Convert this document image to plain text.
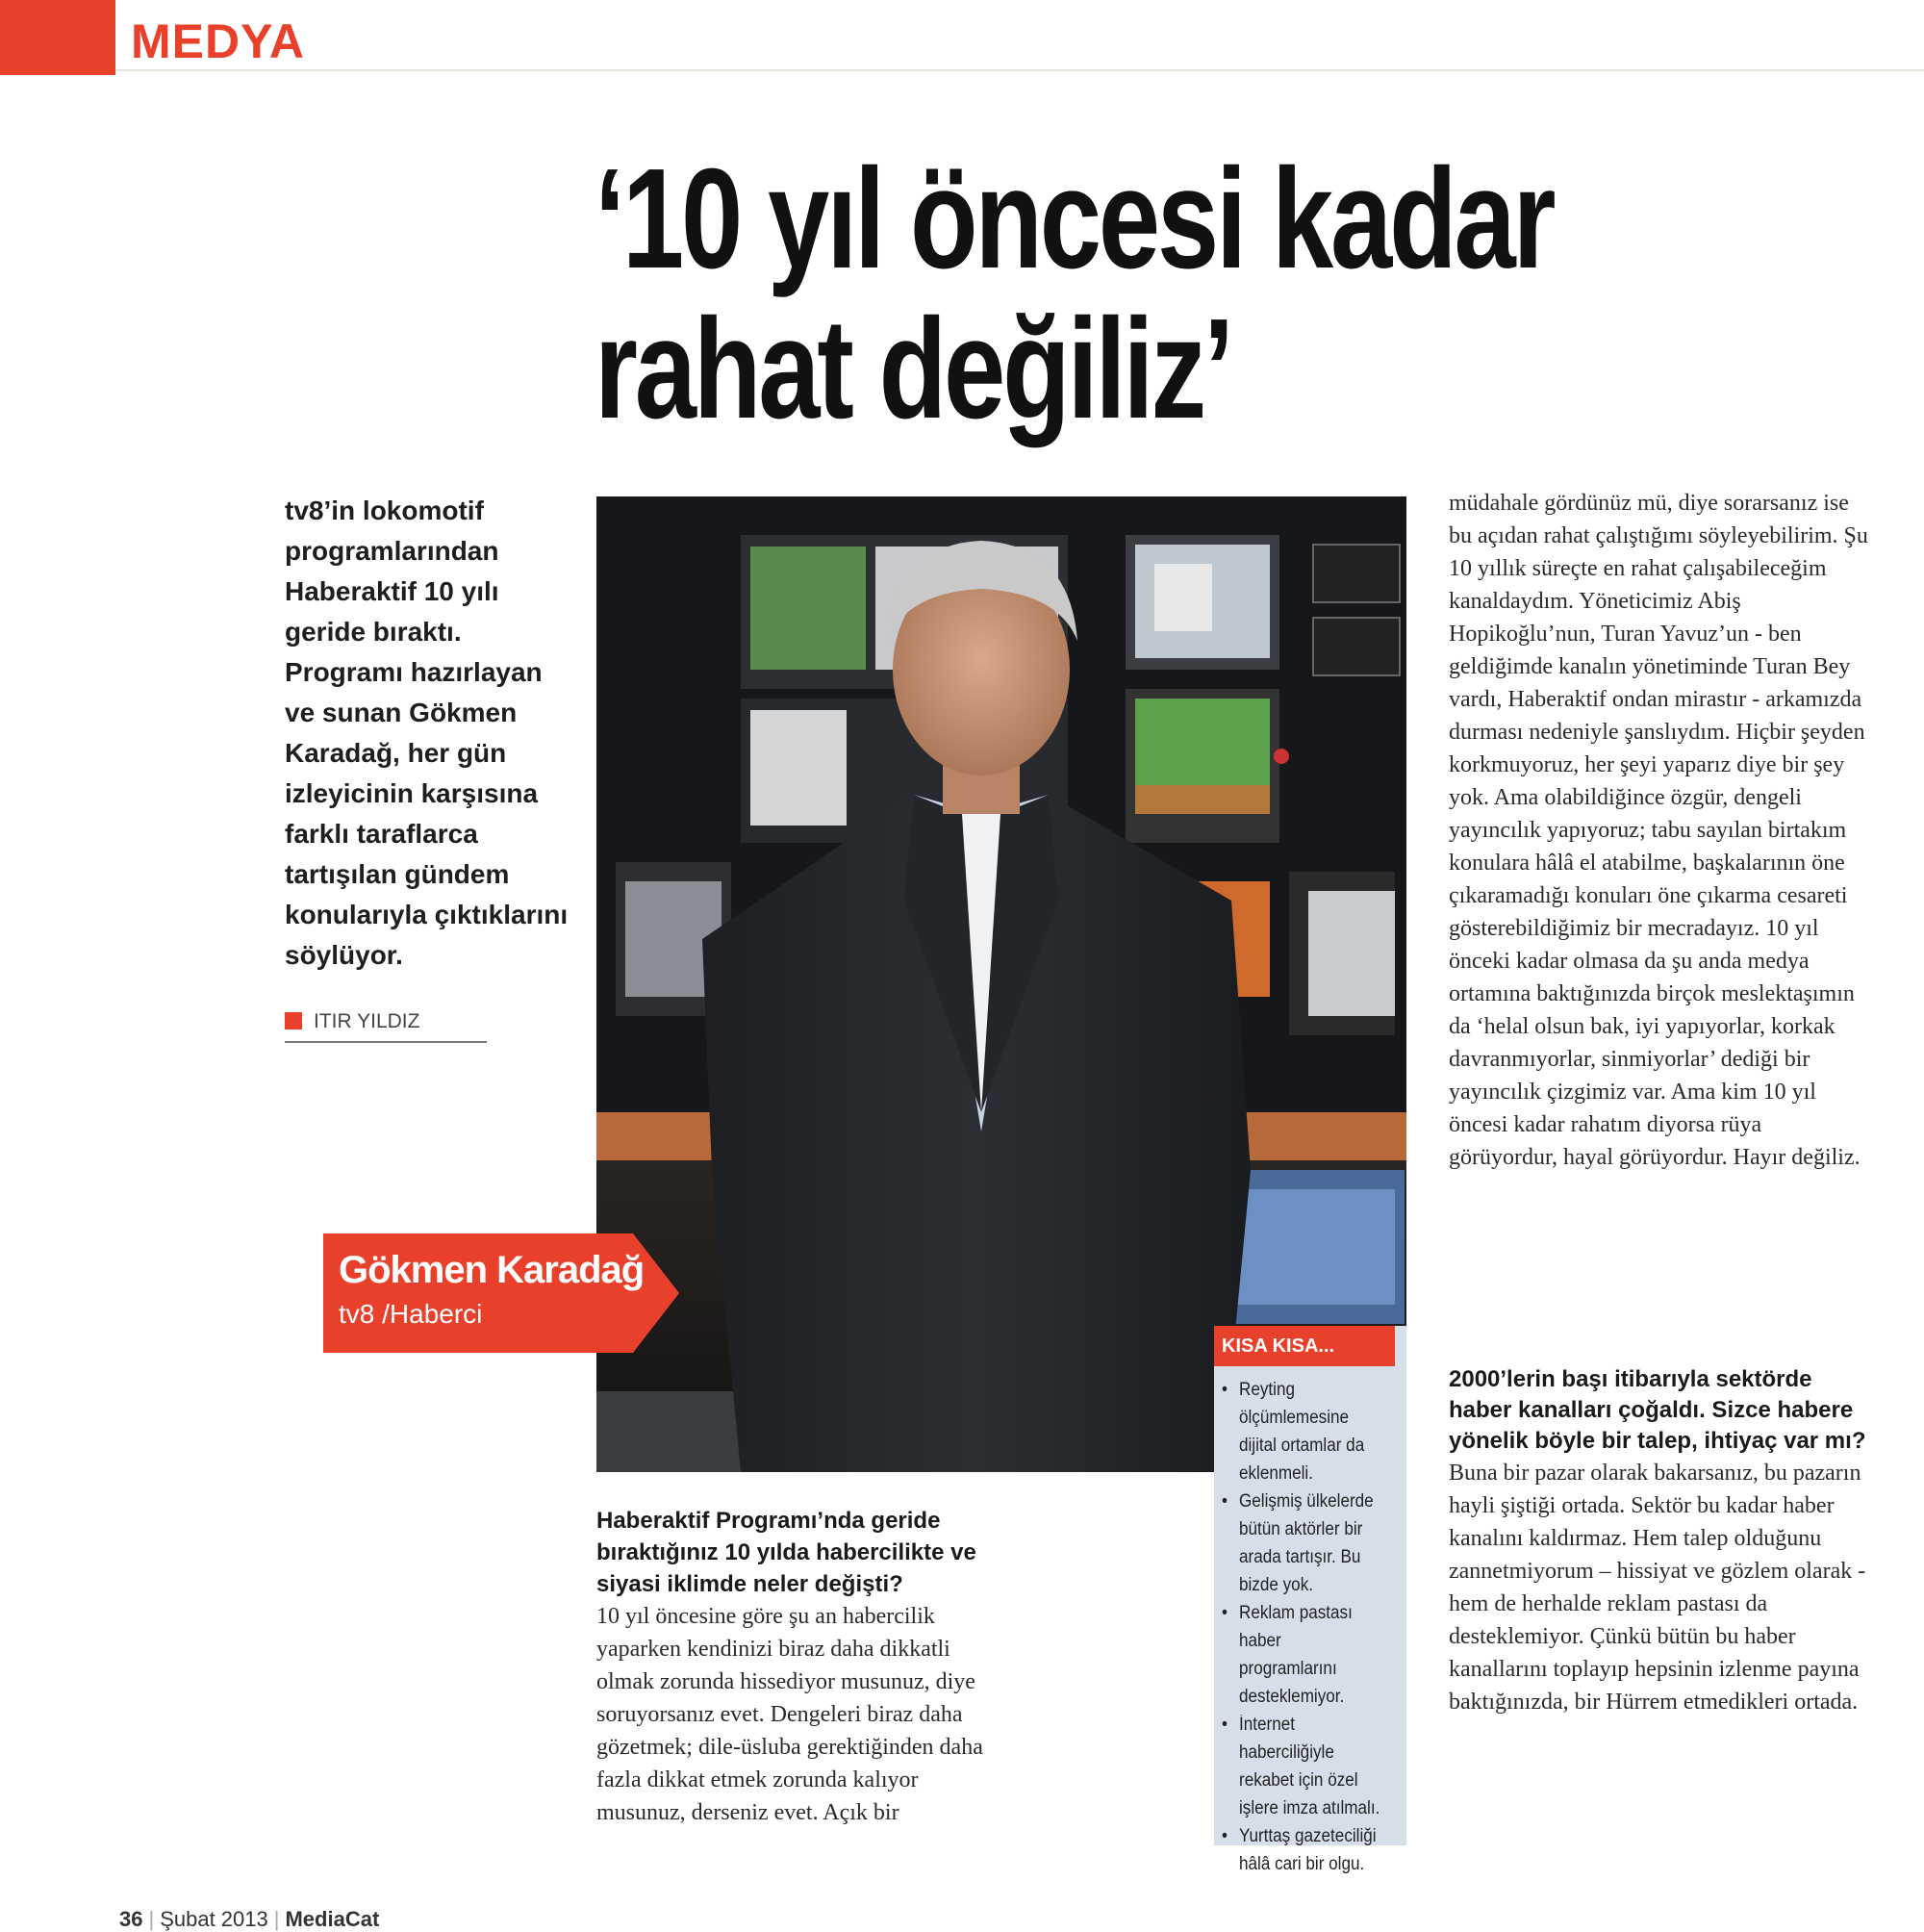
MEDYA
‘10 yıl öncesi kadar
rahat değiliz’

tv8’in lokomotif programlarından Haberaktif 10 yılı geride bıraktı. Programı hazırlayan ve sunan Gökmen Karadağ, her gün izleyicinin karşısına farklı taraflarca tartışılan gündem konularıyla çıktıklarını söylüyor.

ITIR YILDIZ
Gökmen Karadağ
tv8 /Haberci
KISA KISA...
• Reyting ölçümlemesine dijital ortamlar da eklenmeli.
• Gelişmiş ülkelerde bütün aktörler bir arada tartışır. Bu bizde yok.
• Reklam pastası haber programlarını desteklemiyor.
• İnternet haberciliğiyle rekabet için özel işlere imza atılmalı.
• Yurttaş gazeteciliği hâlâ cari bir olgu.

Haberaktif Programı’nda geride bıraktığınız 10 yılda habercilikte ve siyasi iklimde neler değişti?

10 yıl öncesine göre şu an habercilik yaparken kendinizi biraz daha dikkatli olmak zorunda hissediyor musunuz, diye soruyorsanız evet. Dengeleri biraz daha gözetmek; dile-üsluba gerektiğinden daha fazla dikkat etmek zorunda kalıyor musunuz, derseniz evet. Açık bir

müdahale gördünüz mü, diye sorarsanız ise bu açıdan rahat çalıştığımı söyleyebilirim. Şu 10 yıllık süreçte en rahat çalışabileceğim kanaldaydım. Yöneticimiz Abiş Hopikoğlu’nun, Turan Yavuz’un - ben geldiğimde kanalın yönetiminde Turan Bey vardı, Haberaktif ondan mirastır - arkamızda durması nedeniyle şanslıydım. Hiçbir şeyden korkmuyoruz, her şeyi yaparız diye bir şey yok. Ama olabildiğince özgür, dengeli yayıncılık yapıyoruz; tabu sayılan birtakım konulara hâlâ el atabilme, başkalarının öne çıkaramadığı konuları öne çıkarma cesareti gösterebildiğimiz bir mecradayız. 10 yıl önceki kadar olmasa da şu anda medya ortamına baktığınızda birçok meslektaşımın da ‘helal olsun bak, iyi yapıyorlar, korkak davranmıyorlar, sinmiyorlar’ dediği bir yayıncılık çizgimiz var. Ama kim 10 yıl öncesi kadar rahatım diyorsa rüya görüyordur, hayal görüyordur. Hayır değiliz.

2000’lerin başı itibarıyla sektörde haber kanalları çoğaldı. Sizce habere yönelik böyle bir talep, ihtiyaç var mı?

Buna bir pazar olarak bakarsanız, bu pazarın hayli şiştiği ortada. Sektör bu kadar haber kanalını kaldırmaz. Hem talep olduğunu zannetmiyorum – hissiyat ve gözlem olarak - hem de herhalde reklam pastası da desteklemiyor. Çünkü bütün bu haber kanallarını toplayıp hepsinin izlenme payına baktığınızda, bir Hürrem etmedikleri ortada.

36 | Şubat 2013 | MediaCat
